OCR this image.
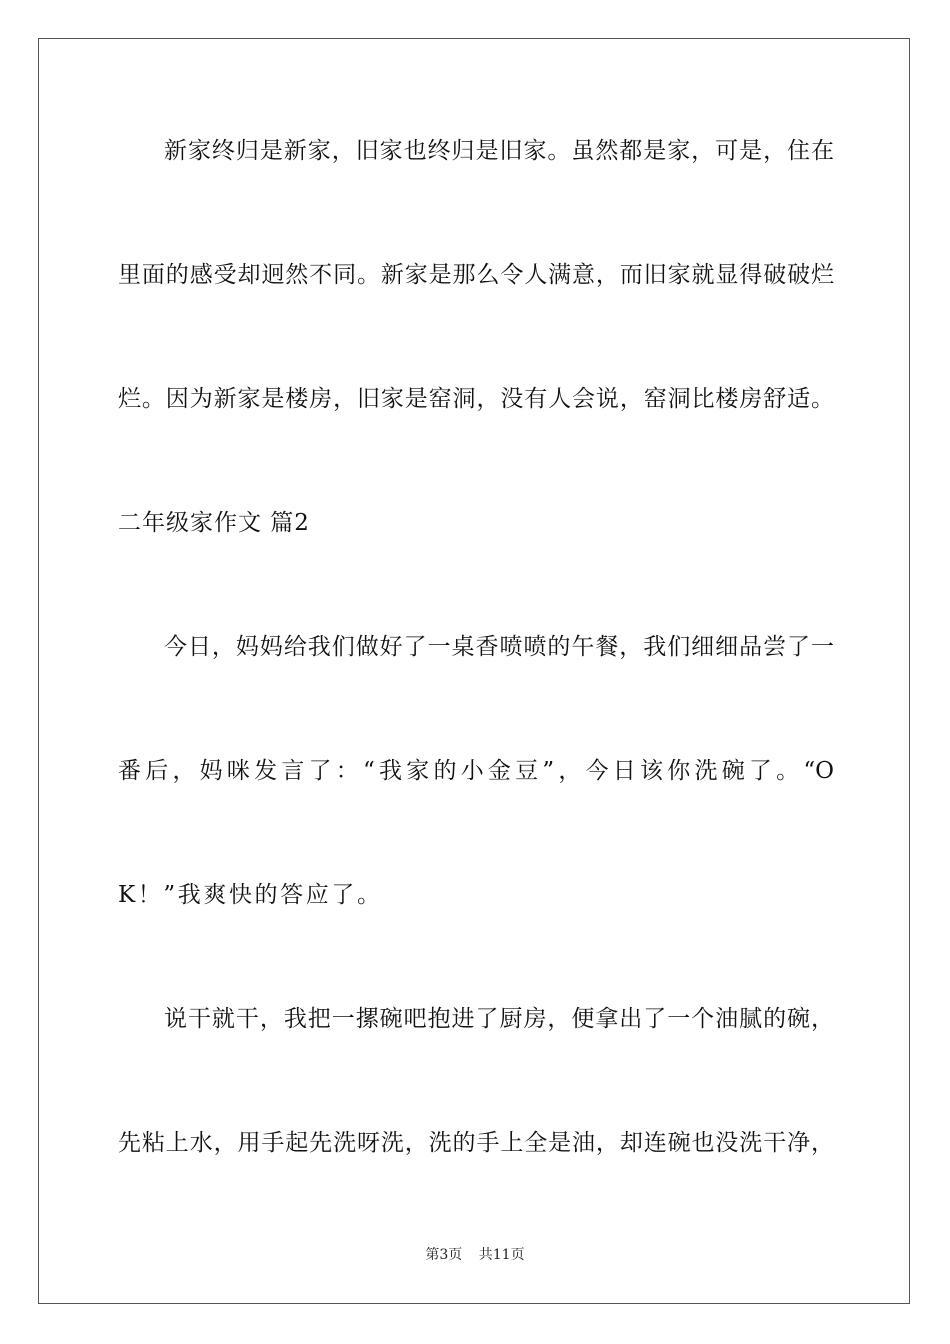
新家终归是新家，旧家也终归是旧家。虽然都是家，可是，住在
里面的感受却迥然不同。新家是那么令人满意，而旧家就显得破破烂
烂。因为新家是楼房，旧家是窑洞，没有人会说，窑洞比楼房舒适。
二年级家作文 篇2
今日，妈妈给我们做好了一桌香喷喷的午餐，我们细细品尝了一
番后，妈咪发言了：“我家的小金豆”，今日该你洗碗了。“O
K！”我爽快的答应了。
说干就干，我把一摞碗吧抱进了厨房，便拿出了一个油腻的碗，
先粘上水，用手起先洗呀洗，洗的手上全是油，却连碗也没洗干净，
第3页 共11页
